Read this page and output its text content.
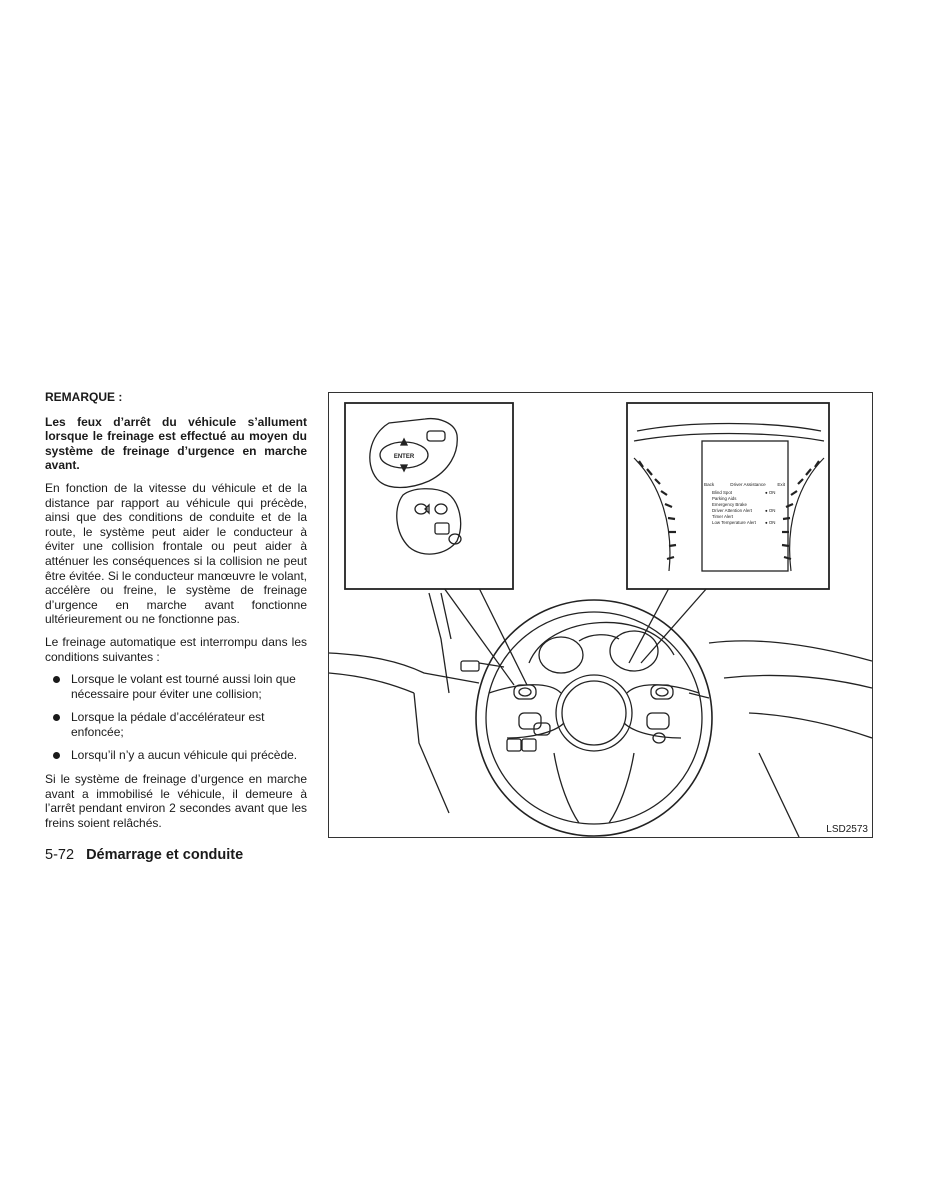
REMARQUE :

Les feux d’arrêt du véhicule s’allument lorsque le freinage est effectué au moyen du système de freinage d’urgence en marche avant.

En fonction de la vitesse du véhicule et de la distance par rapport au véhicule qui précède, ainsi que des conditions de conduite et de la route, le système peut aider le conducteur à éviter une collision frontale ou peut aider à atténuer les conséquences si la collision ne peut être évitée. Si le conducteur manœuvre le volant, accélère ou freine, le système de freinage d’urgence en marche avant fonctionne ultérieurement ou ne fonctionne pas.

Le freinage automatique est interrompu dans les conditions suivantes :

Lorsque le volant est tourné aussi loin que nécessaire pour éviter une collision;
Lorsque la pédale d’accélérateur est enfoncée;
Lorsqu’il n’y a aucun véhicule qui précède.

Si le système de freinage d’urgence en marche avant a immobilisé le véhicule, il demeure à l’arrêt pendant environ 2 secondes avant que les freins soient relâchés.

ENTER
Back	Driver Assistance	Exit
Blind Spot	● ON
Parking Aids
Emergency Brake
Driver Attention Alert	● ON
Timer Alert
Low Temperature Alert ● ON
LSD2573
5-72 Démarrage et conduite
